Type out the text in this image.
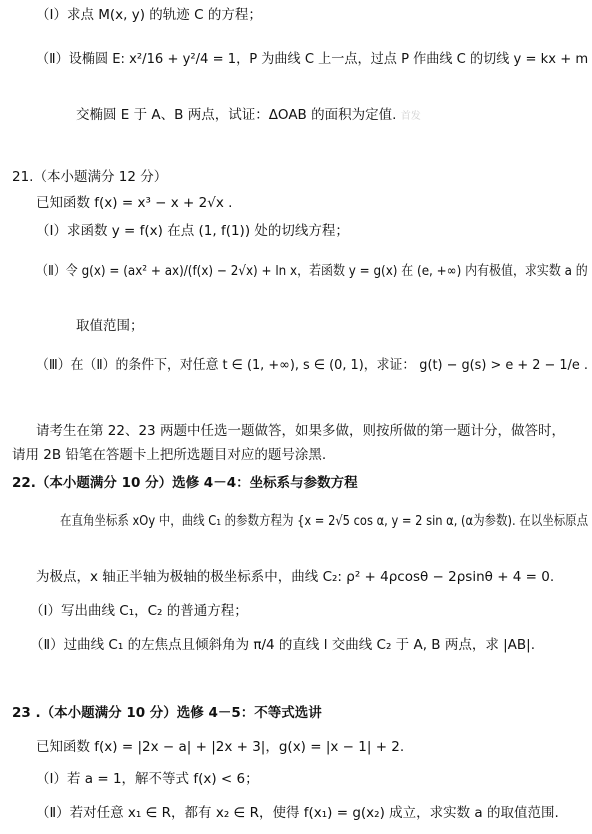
（Ⅰ）求点 M(x, y) 的轨迹 C 的方程；
（Ⅱ）设椭圆 E: x²/16 + y²/4 = 1，P 为曲线 C 上一点，过点 P 作曲线 C 的切线 y = kx + m
交椭圆 E 于 A、B 两点，试证：ΔOAB 的面积为定值. 首发
21.（本小题满分 12 分）
已知函数 f(x) = x³ − x + 2√x .
（Ⅰ）求函数 y = f(x) 在点 (1, f(1)) 处的切线方程；
（Ⅱ）令 g(x) = (ax² + ax)/(f(x) − 2√x) + ln x，若函数 y = g(x) 在 (e, +∞) 内有极值，求实数 a 的
取值范围；
（Ⅲ）在（Ⅱ）的条件下，对任意 t ∈ (1, +∞), s ∈ (0, 1)，求证： g(t) − g(s) > e + 2 − 1/e .
请考生在第 22、23 两题中任选一题做答，如果多做，则按所做的第一题计分，做答时，
请用 2B 铅笔在答题卡上把所选题目对应的题号涂黑.
22.（本小题满分 10 分）选修 4－4：坐标系与参数方程
在直角坐标系 xOy 中，曲线 C₁ 的参数方程为 {x = 2√5 cos α, y = 2 sin α, (α为参数). 在以坐标原点
为极点，x 轴正半轴为极轴的极坐标系中，曲线 C₂: ρ² + 4ρcosθ − 2ρsinθ + 4 = 0.
（Ⅰ）写出曲线 C₁，C₂ 的普通方程；
（Ⅱ）过曲线 C₁ 的左焦点且倾斜角为 π/4 的直线 l 交曲线 C₂ 于 A, B 两点，求 |AB|.
23 .（本小题满分 10 分）选修 4－5：不等式选讲
已知函数 f(x) = |2x − a| + |2x + 3|，g(x) = |x − 1| + 2.
（Ⅰ）若 a = 1，解不等式 f(x) < 6；
（Ⅱ）若对任意 x₁ ∈ R，都有 x₂ ∈ R，使得 f(x₁) = g(x₂) 成立，求实数 a 的取值范围.
